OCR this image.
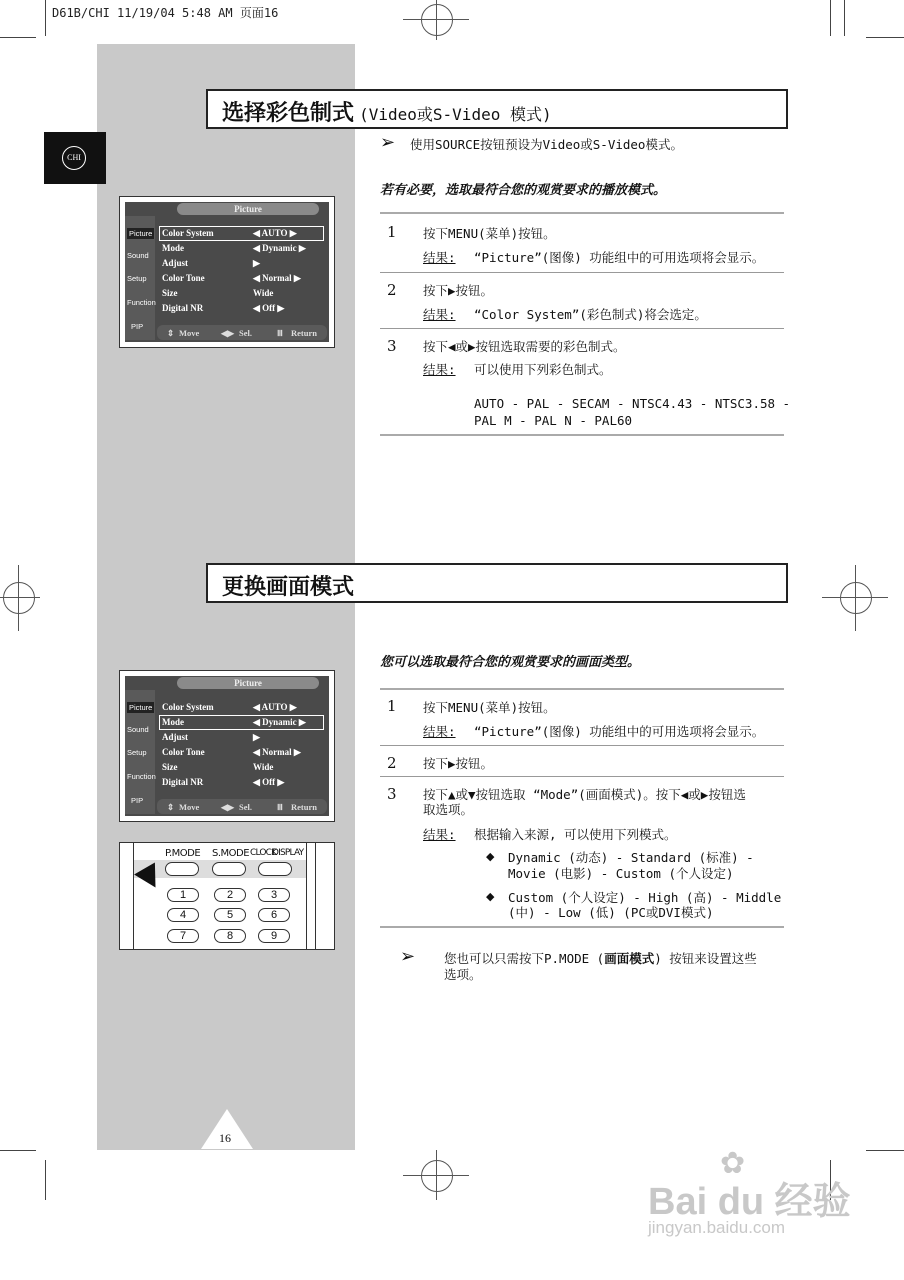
D61B/CHI 11/19/04 5:48 AM 页面16
CHI
选择彩色制式 (Video或S-Video 模式)
➢ 使用SOURCE按钮预设为Video或S-Video模式。
若有必要，选取最符合您的观赏要求的播放模式。
1 按下MENU(菜单)按钮。
结果: “Picture”(图像) 功能组中的可用选项将会显示。
2 按下▶按钮。
结果: “Color System”(彩色制式)将会选定。
3 按下◀或▶按钮选取需要的彩色制式。
结果: 可以使用下列彩色制式。
AUTO - PAL - SECAM - NTSC4.43 - NTSC3.58 -
PAL M - PAL N - PAL60
Picture
Picture
Sound
Setup
Function
PIP
Color System	◀ AUTO ▶
Mode	◀ Dynamic ▶
Adjust	▶
Color Tone	◀ Normal ▶
Size	Wide
Digital NR	◀ Off ▶
⇕ Move	◀▶ Sel.	Ⅲ Return
更换画面模式
您可以选取最符合您的观赏要求的画面类型。
1 按下MENU(菜单)按钮。
结果: “Picture”(图像) 功能组中的可用选项将会显示。
2 按下▶按钮。
3 按下▲或▼按钮选取 “Mode”(画面模式)。按下◀或▶按钮选
取选项。
结果: 根据输入来源, 可以使用下列模式。
◆ Dynamic (动态) - Standard (标准) -
Movie (电影) - Custom (个人设定)
◆ Custom (个人设定) - High (高) - Middle
(中) - Low (低) (PC或DVI模式)
➢ 您也可以只需按下P.MODE (画面模式) 按钮来设置这些
选项。
Picture
Picture
Sound
Setup
Function
PIP
Color System	◀ AUTO ▶
Mode	◀ Dynamic ▶
Adjust	▶
Color Tone	◀ Normal ▶
Size	Wide
Digital NR	◀ Off ▶
⇕ Move	◀▶ Sel.	Ⅲ Return
P.MODE S.MODE CLOCK
DISPLAY
1	2	3
4	5	6
7	8	9
16
✿
Bai du 经验
jingyan.baidu.com
